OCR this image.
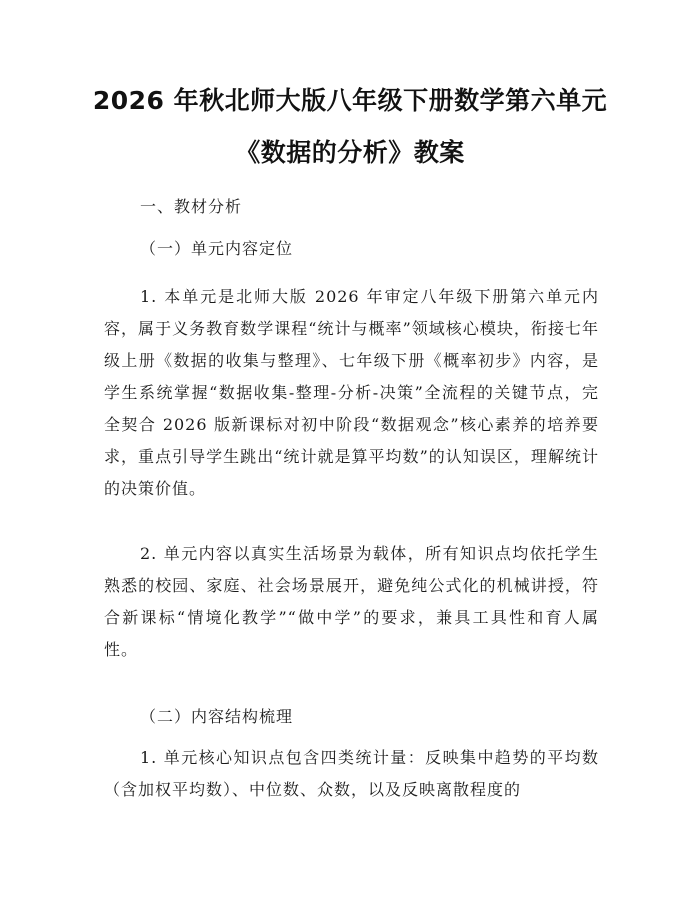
2026 年秋北师大版八年级下册数学第六单元
《数据的分析》教案
一、教材分析
（一）单元内容定位
1. 本单元是北师大版 2026 年审定八年级下册第六单元内容，属于义务教育数学课程“统计与概率”领域核心模块，衔接七年级上册《数据的收集与整理》、七年级下册《概率初步》内容，是学生系统掌握“数据收集-整理-分析-决策”全流程的关键节点，完全契合 2026 版新课标对初中阶段“数据观念”核心素养的培养要求，重点引导学生跳出“统计就是算平均数”的认知误区，理解统计的决策价值。
2. 单元内容以真实生活场景为载体，所有知识点均依托学生熟悉的校园、家庭、社会场景展开，避免纯公式化的机械讲授，符合新课标“情境化教学”“做中学”的要求，兼具工具性和育人属性。
（二）内容结构梳理
1. 单元核心知识点包含四类统计量：反映集中趋势的平均数（含加权平均数）、中位数、众数，以及反映离散程度的
